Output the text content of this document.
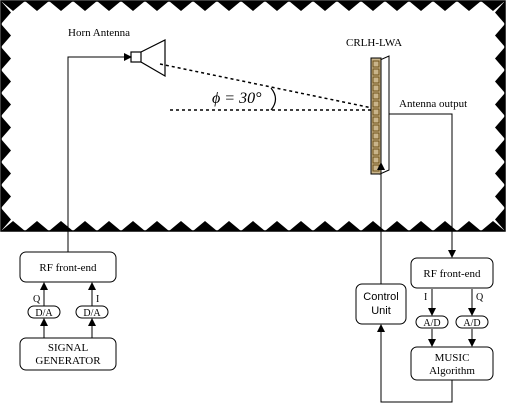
Horn Antenna
ϕ = 30°
CRLH-LWA
Antenna output
RF front-end
Q	I
D/A	D/A
SIGNAL
GENERATOR
Control
Unit
RF front-end
I	Q
A/D A/D
MUSIC
Algorithm
